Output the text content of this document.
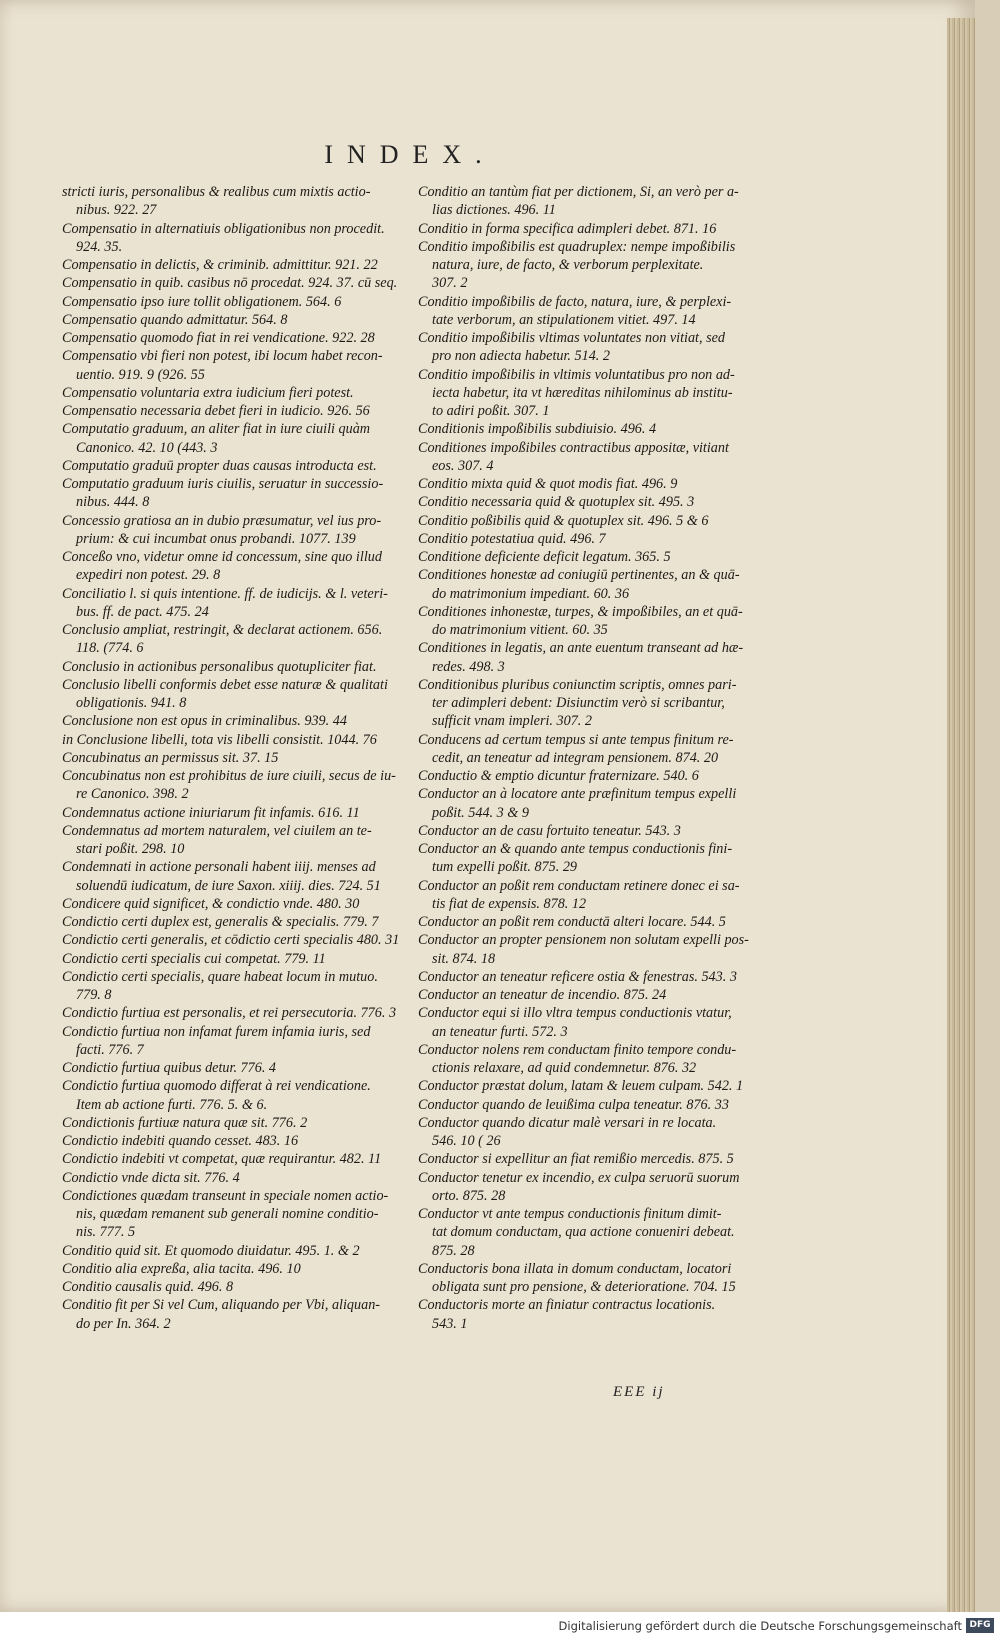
INDEX.
stricti iuris, personalibus & realibus cum mixtis actio-
nibus. 922. 27
Compensatio in alternatiuis obligationibus non procedit.
924. 35.
Compensatio in delictis, & criminib. admittitur. 921. 22
Compensatio in quib. casibus nō procedat. 924. 37. cū seq.
Compensatio ipso iure tollit obligationem. 564. 6
Compensatio quando admittatur. 564. 8
Compensatio quomodo fiat in rei vendicatione. 922. 28
Compensatio vbi fieri non potest, ibi locum habet recon-
uentio. 919. 9 (926. 55
Compensatio voluntaria extra iudicium fieri potest.
Compensatio necessaria debet fieri in iudicio. 926. 56
Computatio graduum, an aliter fiat in iure ciuili quàm
Canonico. 42. 10 (443. 3
Computatio graduū propter duas causas introducta est.
Computatio graduum iuris ciuilis, seruatur in successio-
nibus. 444. 8
Concessio gratiosa an in dubio præsumatur, vel ius pro-
prium: & cui incumbat onus probandi. 1077. 139
Conceßo vno, videtur omne id concessum, sine quo illud
expediri non potest. 29. 8
Conciliatio l. si quis intentione. ff. de iudicijs. & l. veteri-
bus. ff. de pact. 475. 24
Conclusio ampliat, restringit, & declarat actionem. 656.
118. (774. 6
Conclusio in actionibus personalibus quotupliciter fiat.
Conclusio libelli conformis debet esse naturæ & qualitati
obligationis. 941. 8
Conclusione non est opus in criminalibus. 939. 44
in Conclusione libelli, tota vis libelli consistit. 1044. 76
Concubinatus an permissus sit. 37. 15
Concubinatus non est prohibitus de iure ciuili, secus de iu-
re Canonico. 398. 2
Condemnatus actione iniuriarum fit infamis. 616. 11
Condemnatus ad mortem naturalem, vel ciuilem an te-
stari poßit. 298. 10
Condemnati in actione personali habent iiij. menses ad
soluendū iudicatum, de iure Saxon. xiiij. dies. 724. 51
Condicere quid significet, & condictio vnde. 480. 30
Condictio certi duplex est, generalis & specialis. 779. 7
Condictio certi generalis, et cōdictio certi specialis 480. 31
Condictio certi specialis cui competat. 779. 11
Condictio certi specialis, quare habeat locum in mutuo.
779. 8
Condictio furtiua est personalis, et rei persecutoria. 776. 3
Condictio furtiua non infamat furem infamia iuris, sed
facti. 776. 7
Condictio furtiua quibus detur. 776. 4
Condictio furtiua quomodo differat à rei vendicatione.
Item ab actione furti. 776. 5. & 6.
Condictionis furtiuæ natura quæ sit. 776. 2
Condictio indebiti quando cesset. 483. 16
Condictio indebiti vt competat, quæ requirantur. 482. 11
Condictio vnde dicta sit. 776. 4
Condictiones quædam transeunt in speciale nomen actio-
nis, quædam remanent sub generali nomine conditio-
nis. 777. 5
Conditio quid sit. Et quomodo diuidatur. 495. 1. & 2
Conditio alia expreßa, alia tacita. 496. 10
Conditio causalis quid. 496. 8
Conditio fit per Si vel Cum, aliquando per Vbi, aliquan-
do per In. 364. 2
Conditio an tantùm fiat per dictionem, Si, an verò per a-
lias dictiones. 496. 11
Conditio in forma specifica adimpleri debet. 871. 16
Conditio impoßibilis est quadruplex: nempe impoßibilis
natura, iure, de facto, & verborum perplexitate.
307. 2
Conditio impoßibilis de facto, natura, iure, & perplexi-
tate verborum, an stipulationem vitiet. 497. 14
Conditio impoßibilis vltimas voluntates non vitiat, sed
pro non adiecta habetur. 514. 2
Conditio impoßibilis in vltimis voluntatibus pro non ad-
iecta habetur, ita vt hæreditas nihilominus ab institu-
to adiri poßit. 307. 1
Conditionis impoßibilis subdiuisio. 496. 4
Conditiones impoßibiles contractibus appositæ, vitiant
eos. 307. 4
Conditio mixta quid & quot modis fiat. 496. 9
Conditio necessaria quid & quotuplex sit. 495. 3
Conditio poßibilis quid & quotuplex sit. 496. 5 & 6
Conditio potestatiua quid. 496. 7
Conditione deficiente deficit legatum. 365. 5
Conditiones honestæ ad coniugiū pertinentes, an & quā-
do matrimonium impediant. 60. 36
Conditiones inhonestæ, turpes, & impoßibiles, an et quā-
do matrimonium vitient. 60. 35
Conditiones in legatis, an ante euentum transeant ad hæ-
redes. 498. 3
Conditionibus pluribus coniunctim scriptis, omnes pari-
ter adimpleri debent: Disiunctim verò si scribantur,
sufficit vnam impleri. 307. 2
Conducens ad certum tempus si ante tempus finitum re-
cedit, an teneatur ad integram pensionem. 874. 20
Conductio & emptio dicuntur fraternizare. 540. 6
Conductor an à locatore ante præfinitum tempus expelli
poßit. 544. 3 & 9
Conductor an de casu fortuito teneatur. 543. 3
Conductor an & quando ante tempus conductionis fini-
tum expelli poßit. 875. 29
Conductor an poßit rem conductam retinere donec ei sa-
tis fiat de expensis. 878. 12
Conductor an poßit rem conductā alteri locare. 544. 5
Conductor an propter pensionem non solutam expelli pos-
sit. 874. 18
Conductor an teneatur reficere ostia & fenestras. 543. 3
Conductor an teneatur de incendio. 875. 24
Conductor equi si illo vltra tempus conductionis vtatur,
an teneatur furti. 572. 3
Conductor nolens rem conductam finito tempore condu-
ctionis relaxare, ad quid condemnetur. 876. 32
Conductor præstat dolum, latam & leuem culpam. 542. 1
Conductor quando de leuißima culpa teneatur. 876. 33
Conductor quando dicatur malè versari in re locata.
546. 10 ( 26
Conductor si expellitur an fiat remißio mercedis. 875. 5
Conductor tenetur ex incendio, ex culpa seruorū suorum
orto. 875. 28
Conductor vt ante tempus conductionis finitum dimit-
tat domum conductam, qua actione conueniri debeat.
875. 28
Conductoris bona illata in domum conductam, locatori
obligata sunt pro pensione, & deterioratione. 704. 15
Conductoris morte an finiatur contractus locationis.
543. 1
EEE ij
Digitalisierung gefördert durch die Deutsche Forschungsgemeinschaft DFG
